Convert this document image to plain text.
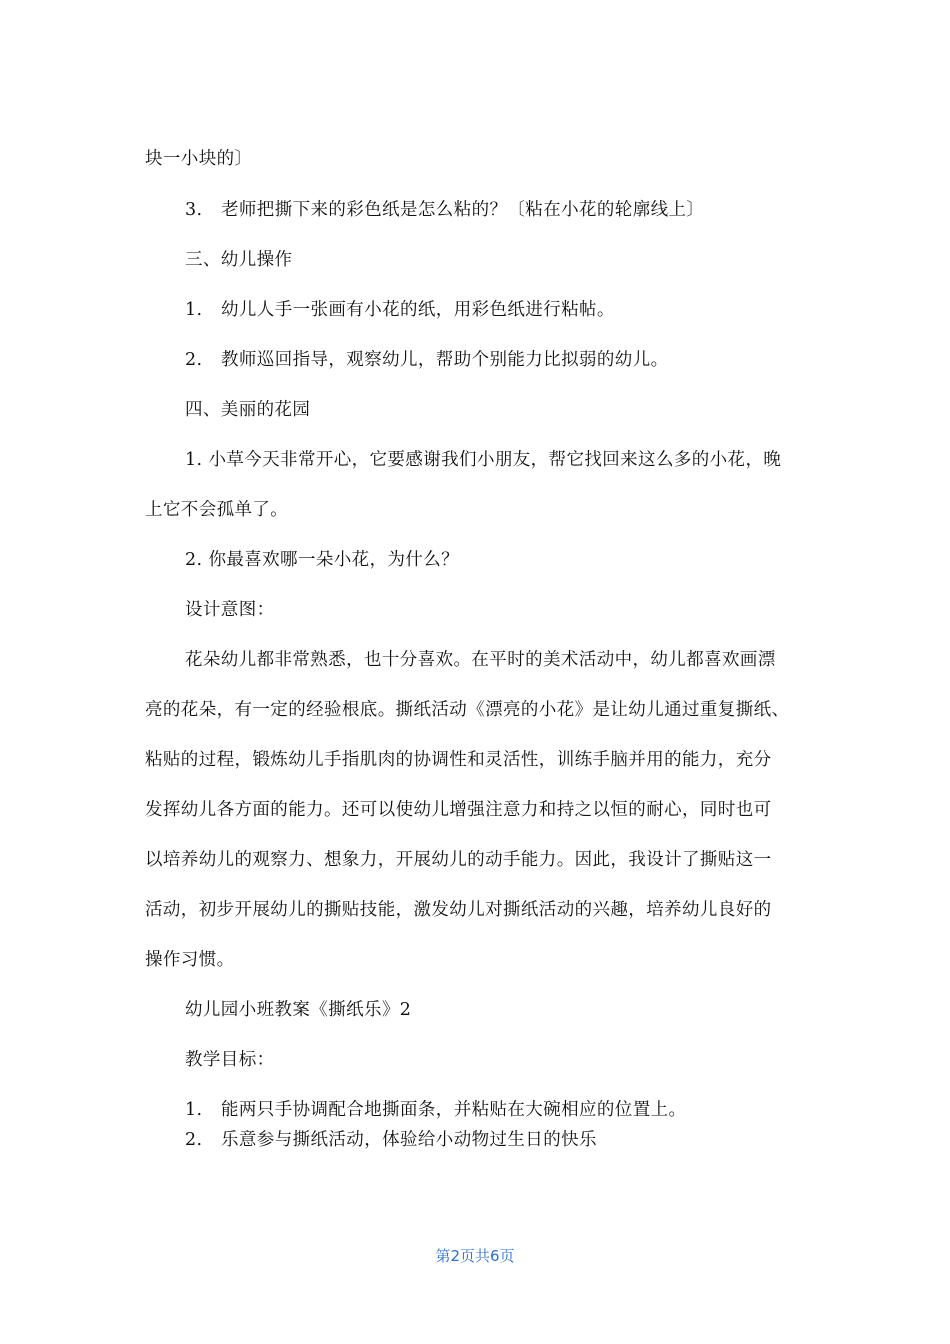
块一小块的〕
3. 老师把撕下来的彩色纸是怎么粘的？〔粘在小花的轮廓线上〕
三、幼儿操作
1. 幼儿人手一张画有小花的纸，用彩色纸进行粘帖。
2. 教师巡回指导，观察幼儿，帮助个别能力比拟弱的幼儿。
四、美丽的花园
1. 小草今天非常开心，它要感谢我们小朋友，帮它找回来这么多的小花，晚
上它不会孤单了。
2. 你最喜欢哪一朵小花，为什么？
设计意图：
花朵幼儿都非常熟悉，也十分喜欢。在平时的美术活动中，幼儿都喜欢画漂
亮的花朵，有一定的经验根底。撕纸活动《漂亮的小花》是让幼儿通过重复撕纸、
粘贴的过程，锻炼幼儿手指肌肉的协调性和灵活性，训练手脑并用的能力，充分
发挥幼儿各方面的能力。还可以使幼儿增强注意力和持之以恒的耐心，同时也可
以培养幼儿的观察力、想象力，开展幼儿的动手能力。因此，我设计了撕贴这一
活动，初步开展幼儿的撕贴技能，激发幼儿对撕纸活动的兴趣，培养幼儿良好的
操作习惯。
幼儿园小班教案《撕纸乐》2
教学目标：
1. 能两只手协调配合地撕面条，并粘贴在大碗相应的位置上。
2. 乐意参与撕纸活动，体验给小动物过生日的快乐
第2页共6页
